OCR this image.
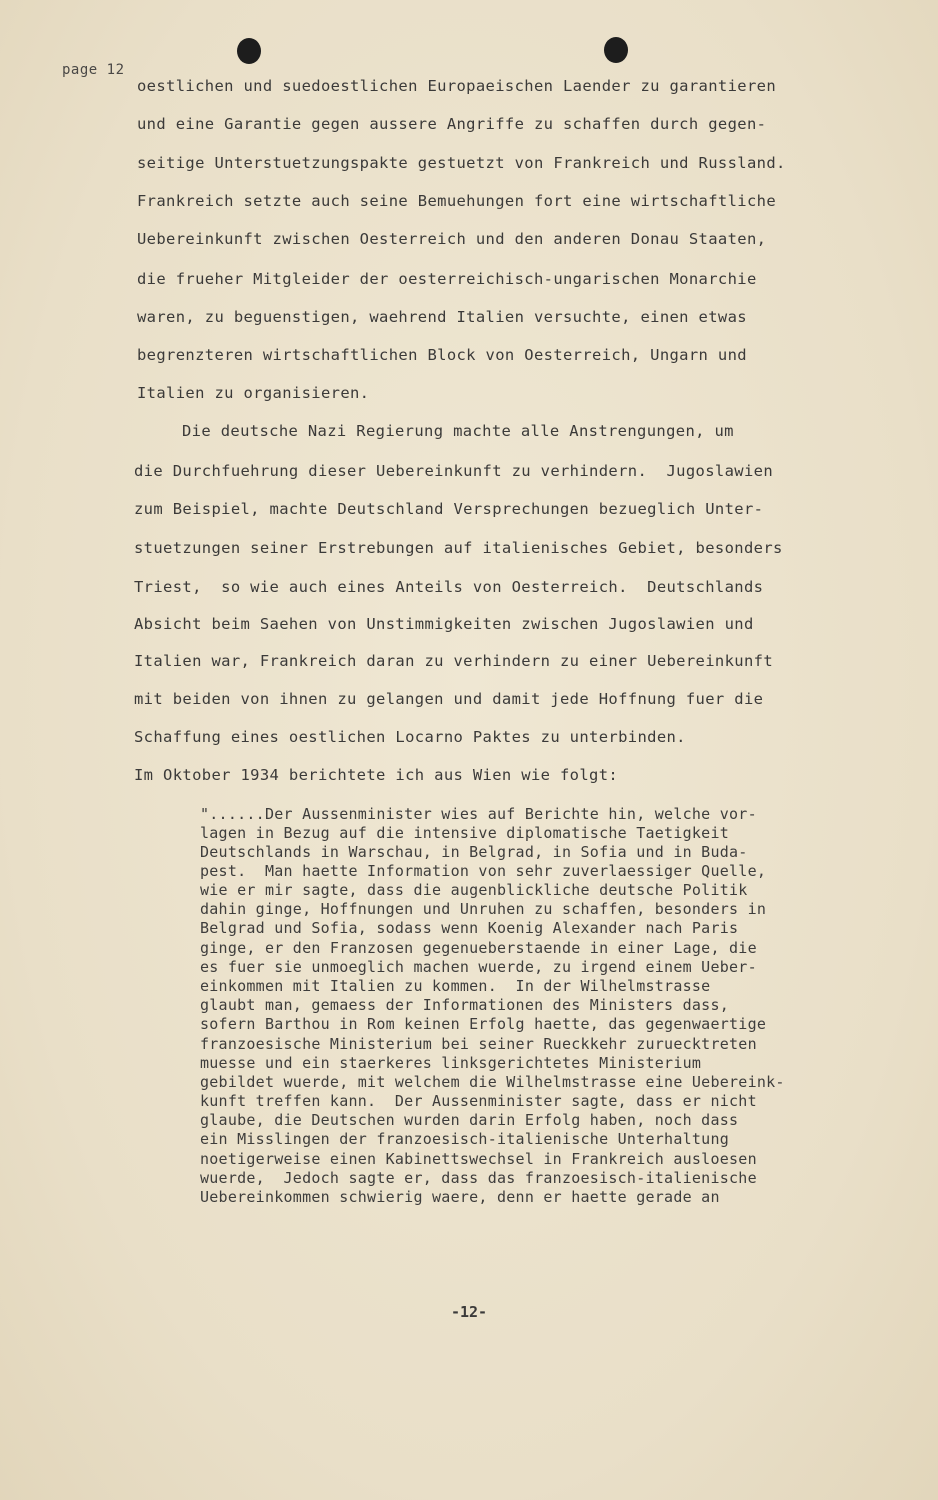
page 12
oestlichen und suedoestlichen Europaeischen Laender zu garantieren
und eine Garantie gegen aussere Angriffe zu schaffen durch gegen-
seitige Unterstuetzungspakte gestuetzt von Frankreich und Russland.
Frankreich setzte auch seine Bemuehungen fort eine wirtschaftliche
Uebereinkunft zwischen Oesterreich und den anderen Donau Staaten,
die frueher Mitgleider der oesterreichisch-ungarischen Monarchie
waren, zu beguenstigen, waehrend Italien versuchte, einen etwas
begrenzteren wirtschaftlichen Block von Oesterreich, Ungarn und
Italien zu organisieren.
Die deutsche Nazi Regierung machte alle Anstrengungen, um
die Durchfuehrung dieser Uebereinkunft zu verhindern.  Jugoslawien
zum Beispiel, machte Deutschland Versprechungen bezueglich Unter-
stuetzungen seiner Erstrebungen auf italienisches Gebiet, besonders
Triest,  so wie auch eines Anteils von Oesterreich.  Deutschlands
Absicht beim Saehen von Unstimmigkeiten zwischen Jugoslawien und
Italien war, Frankreich daran zu verhindern zu einer Uebereinkunft
mit beiden von ihnen zu gelangen und damit jede Hoffnung fuer die
Schaffung eines oestlichen Locarno Paktes zu unterbinden.
Im Oktober 1934 berichtete ich aus Wien wie folgt:
"......Der Aussenminister wies auf Berichte hin, welche vor-
lagen in Bezug auf die intensive diplomatische Taetigkeit
Deutschlands in Warschau, in Belgrad, in Sofia und in Buda-
pest.  Man haette Information von sehr zuverlaessiger Quelle,
wie er mir sagte, dass die augenblickliche deutsche Politik
dahin ginge, Hoffnungen und Unruhen zu schaffen, besonders in
Belgrad und Sofia, sodass wenn Koenig Alexander nach Paris
ginge, er den Franzosen gegenueberstaende in einer Lage, die
es fuer sie unmoeglich machen wuerde, zu irgend einem Ueber-
einkommen mit Italien zu kommen.  In der Wilhelmstrasse
glaubt man, gemaess der Informationen des Ministers dass,
sofern Barthou in Rom keinen Erfolg haette, das gegenwaertige
franzoesische Ministerium bei seiner Rueckkehr zuruecktreten
muesse und ein staerkeres linksgerichtetes Ministerium
gebildet wuerde, mit welchem die Wilhelmstrasse eine Uebereink-
kunft treffen kann.  Der Aussenminister sagte, dass er nicht
glaube, die Deutschen wurden darin Erfolg haben, noch dass
ein Misslingen der franzoesisch-italienische Unterhaltung
noetigerweise einen Kabinettswechsel in Frankreich ausloesen
wuerde,  Jedoch sagte er, dass das franzoesisch-italienische
Uebereinkommen schwierig waere, denn er haette gerade an
-12-
